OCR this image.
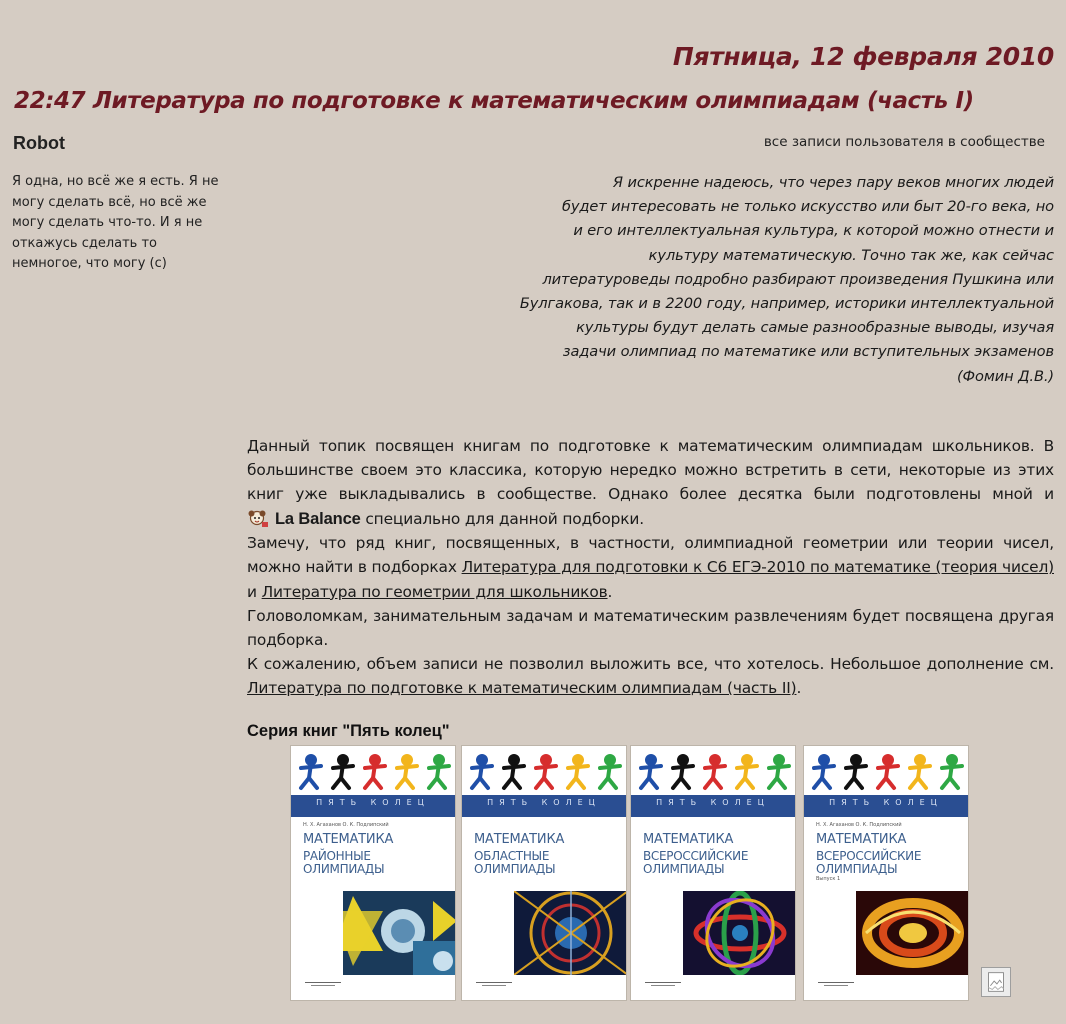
Пятница, 12 февраля 2010
22:47 Литература по подготовке к математическим олимпиадам (часть I)
Robot	все записи пользователя в сообществе
Я одна, но всё же я есть. Я не могу сделать всё, но всё же могу сделать что-то. И я не откажусь сделать то немногое, что могу (с)
Я искренне надеюсь, что через пару веков многих людей
будет интересовать не только искусство или быт 20-го века, но
и его интеллектуальная культура, к которой можно отнести и
культуру математическую. Точно так же, как сейчас
литературоведы подробно разбирают произведения Пушкина или
Булгакова, так и в 2200 году, например, историки интеллектуальной
культуры будут делать самые разнообразные выводы, изучая
задачи олимпиад по математике или вступительных экзаменов
(Фомин Д.В.)

Данный топик посвящен книгам по подготовке к математическим олимпиадам школьников. В большинстве своем это классика, которую нередко можно встретить в сети, некоторые из этих книг уже выкладывались в сообществе. Однако более десятка были подготовлены мной и
La Balance специально для данной подборки.

Замечу, что ряд книг, посвященных, в частности, олимпиадной геометрии или теории чисел, можно найти в подборках Литература для подготовки к С6 ЕГЭ-2010 по математике (теория чисел) и Литература по геометрии для школьников.

Головоломкам, занимательным задачам и математическим развлечениям будет посвящена другая подборка.

К сожалению, объем записи не позволил выложить все, что хотелось. Небольшое дополнение см. Литература по подготовке к математическим олимпиадам (часть II).

Серия книг "Пять колец"
ПЯТЬ КОЛЕЦ
Н. Х. Агаханов О. К. Подлипский
МАТЕМАТИКА
РАЙОННЫЕ
ОЛИМПИАДЫ
ПЯТЬ КОЛЕЦ
МАТЕМАТИКА
ОБЛАСТНЫЕ
ОЛИМПИАДЫ
ПЯТЬ КОЛЕЦ
МАТЕМАТИКА
ВСЕРОССИЙСКИЕ
ОЛИМПИАДЫ
ПЯТЬ КОЛЕЦ
Н. Х. Агаханов О. К. Подлипский
МАТЕМАТИКА
ВСЕРОССИЙСКИЕ
ОЛИМПИАДЫ
Выпуск 1
